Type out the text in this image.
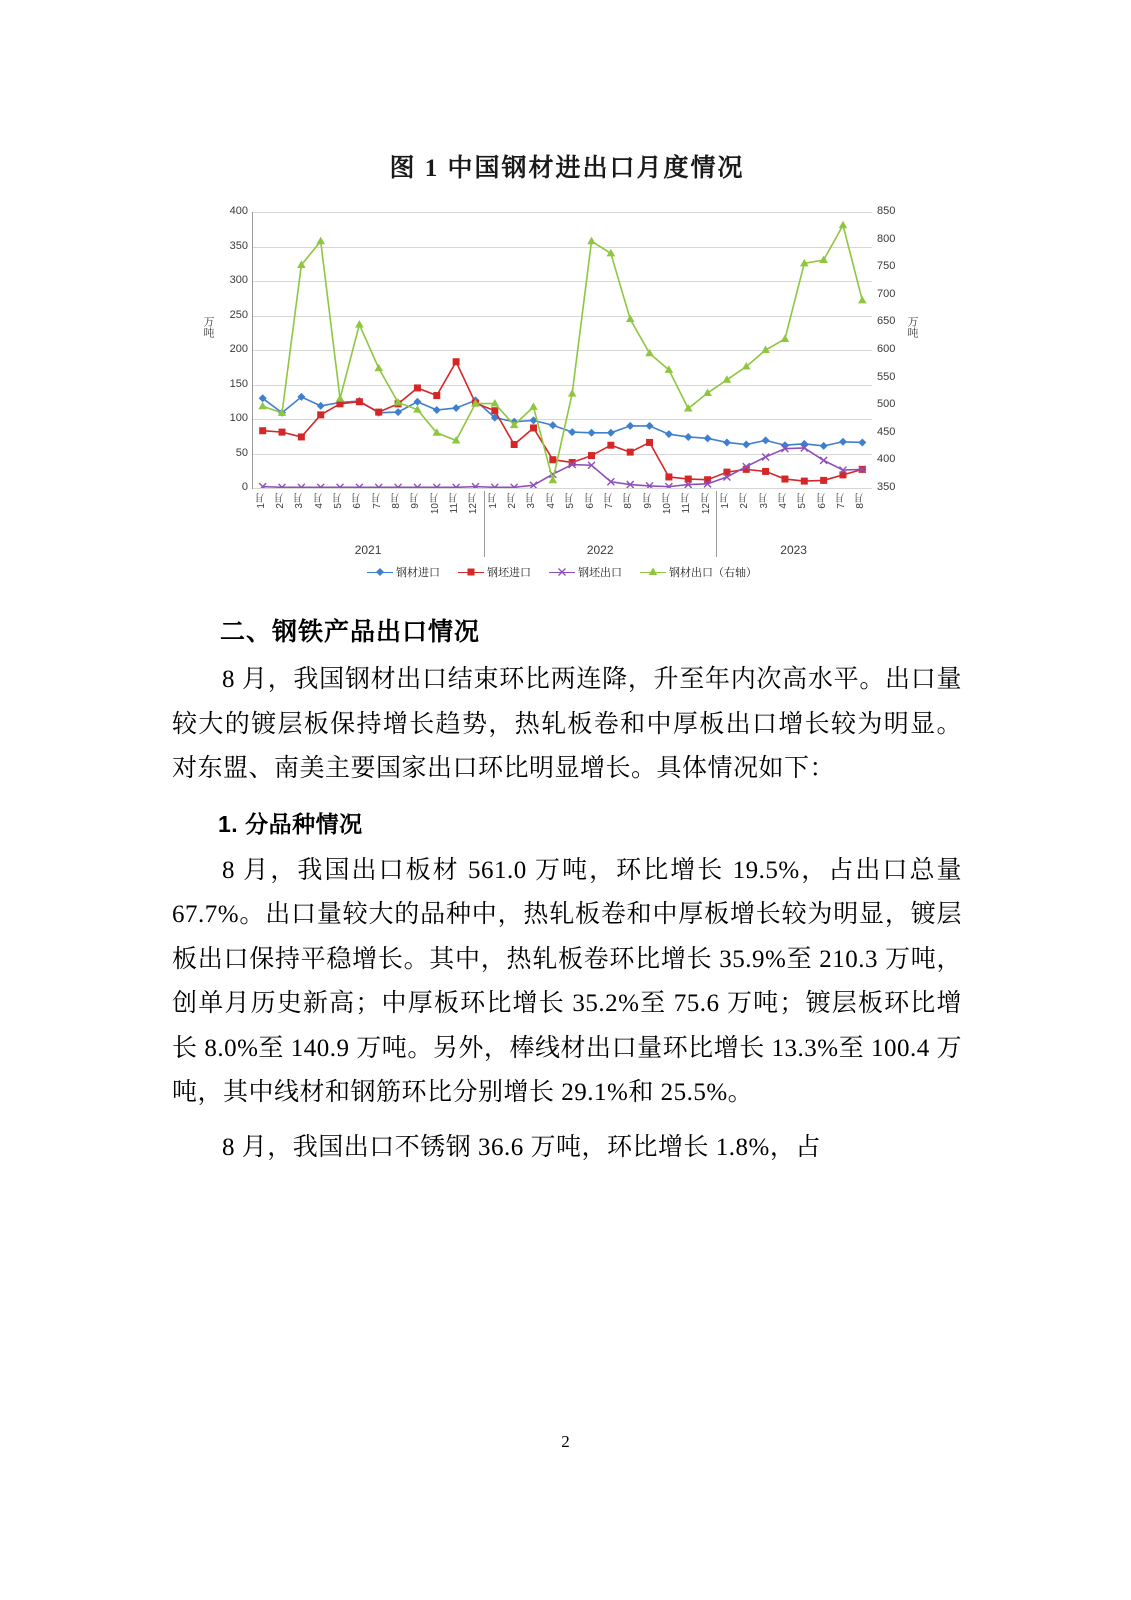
图 1 中国钢材进出口月度情况
万吨	万吨
0
50
100
150
200
250
300
350
400
350
400
450
500
550
600
650
700
750
800
850
1月 2月 3月 4月 5月 6月 7月 8月 9月 10月 11月 12月 1月 2月 3月 4月 5月 6月 7月 8月 9月 10月 11月 12月 1月 2月 3月 4月 5月 6月 7月 8月
2021	2022	2023
钢材进口	钢坯进口	钢坯出口	钢材出口（右轴）
二、钢铁产品出口情况

8 月，我国钢材出口结束环比两连降，升至年内次高水平。出口量较大的镀层板保持增长趋势，热轧板卷和中厚板出口增长较为明显。对东盟、南美主要国家出口环比明显增长。具体情况如下：

1. 分品种情况

8 月，我国出口板材 561.0 万吨，环比增长 19.5%，占出口总量 67.7%。出口量较大的品种中，热轧板卷和中厚板增长较为明显，镀层板出口保持平稳增长。其中，热轧板卷环比增长 35.9%至 210.3 万吨，创单月历史新高；中厚板环比增长 35.2%至 75.6 万吨；镀层板环比增长 8.0%至 140.9 万吨。另外，棒线材出口量环比增长 13.3%至 100.4 万吨，其中线材和钢筋环比分别增长 29.1%和 25.5%。

8 月，我国出口不锈钢 36.6 万吨，环比增长 1.8%，占

2
